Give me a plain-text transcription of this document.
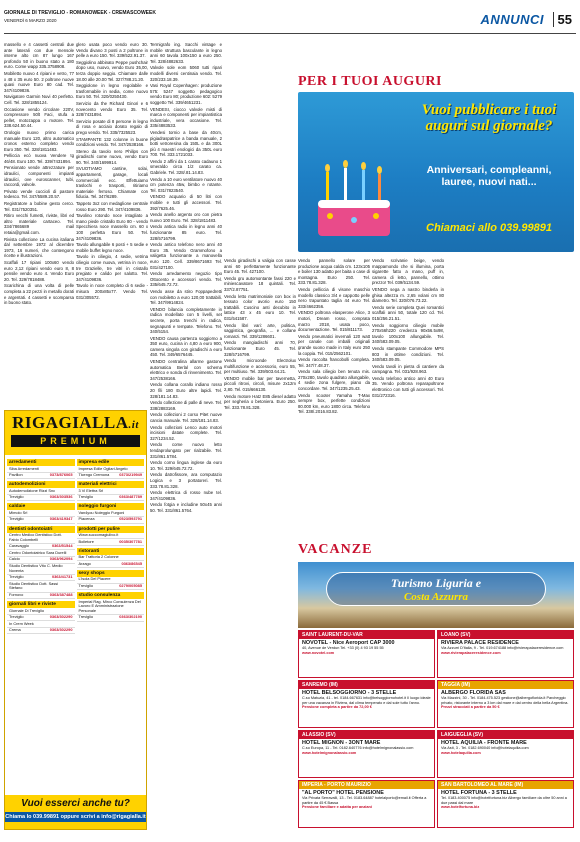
GIORNALE DI TREVIGLIO - ROMANOWEEK - CREMASCOWEEK
VENERDÌ 6 MARZO 2020	ANNUNCI	55

massello e 4 cassetti centrali due ante laterali con due mensole interne alto cm 87 lungo 167 profondo 50 in buono stato a 180 euro. Come wapp 335.3758908.

Mobiletto nuovo 4 ripiani e vetro, 77 x 48 x 35 euro 50. 2 poltrone nuove quasi nuove Euro 80 cad. Tel. 347/4109836.

Navigatore Garmin Nuvi 40 perfetto. Cell. Tel. 328/1855124.

Occasione vendo circolare 220V, compressore 50lt Faci, stufa a pellet, motozappa o motore. Tel. 338.624.50.44.

Orologio nuovo primo carica manuale Euro 120, altro automatico cronos esterno completo vendo Euro 350. Tel. 328/1811483.

Pelliccia ecò nuova Vendere tg 46/48. Euro 100. Tel. 339/7431894.

Pensionato vende attrezzature per idraulici, componenti impianti idraulici, ove euroscanner, tubi, raccordi, valvole.

Privato vende cuccioli di pastore tedesco. Tel. 347/5589.20.57.

Registratore a bobine gesto cerco. Tel. 031/7520351.

Ritiro vecchi fumetti, riviste, libri ed altro materiale cartaceo. Tel. 334/7865689 mail retaia@gmail.com.

Rivista collezione La cucina italiana dal settembre 1972 al dicembre 1973, 16 numeri, che contengono ricette e illustrazioni.

Scaffali 17 ripiani 100x60 vendo euro 2,12 ripiani vendo euro 8, 8 pensile vendo euro 4. Vendo Euro 20. Tel. 329/7818488.

Scarichina di una volta di pelle completa a 22 pezzi in metallo dorati e argentati. 4 cassetti e scomparsa in buono stato.

glero usata poco vendo euro 30. Vendo divano 3 posti a 2 poltrone in pelle a euro 150. Tel. 339/522.91.37.

Seggiolino abbinato Peppe pushchair dopo uso, nuovo, vendo Euro 35,00, terza doppio seggio. Chiamare dalle 18.00 alle 20.00 Tel. 327/788.21.20.

Seggiolone in legno regolabile e trasformabile in sedia, come nuovo Euro 50. Tel. 320/0250430.

Servizio da the Richard Ginori e 6 novecento vendo Euro 35. Tel. 328/7431894.

Servizio posate di 8 persone in legno di rosa e acciaio dorato regalo di prego vendo. Tel. 335/7325523.

STAMPANTE 132 colonne in buone condizioni vendo. Tel. 347/2538166.

Stereo da tavolo nero Philips con giradischi come nuovo, vendo Euro 90. Tel. 340/1699914.

SVUOTIAMO cantine, solai, appartamenti, garage, locali commerciali ecc. Effettuiamo traslochi e trasporti, ritiriamo materiale ferroso. Chiamate con fiducia. Tel. 347/6289.

Tappeto 3x2 con medaglione centrale rosso Euro 290. Tel. 347/4109836.

Tavolino rotondo noce intagliato a mano piede cristallo Euro 80 - vendo Specchiera noce massello cm. 60 x 100 perfetta Euro 50. Tel. 347/4109836.

Tavolo allungabile 6 posti + 5 sedie e mobile buffet legno noce.

Tavolo in ciliegio, 4 sedie, vetrina ciliegio come nuova, vetrina in noce, tre Grazielle, tre vitri in cristallo pregiato e calido per salotto. Tel. 347/4109836.

Tavolo in noce completo di 6 sedie - misura 200x85x77. Vendo Tel. 031/305572.

Termigrafo ing. Sacchi vintage e mobile struttura basculante in legno anni 60 tavola 100x150 a euro 250. Tel. 328/4882633.

Valvole sole eom 5060 tutti ripari modelli diversi centinaia vendo. Tel. 320/233.18.39.

Vasi Royal Copenhagen: produzione 575: 5247 soggetto pedagogico vendo Euro 80; produzione 602: 5279 soggetto Tel. 339/4651231.

VENDESI, ciocco valvole misti di marca e componenti per impiantistica industriale, vera occasione. Tel. 335/4883533.

Vendesi tornio a base da 40cm, pigiadraspatrice a banda manuale, 2 botti vetroresina da 150L e da 300L più 4 maestri enologici da 350L euro 700. Tel. 333.1721033.

Vendo 2 affini da 1 carato cadauno 1 smeraldo circa 1/2 carato ca. Gabriele. Tel. 328/.81.14.83.

Vendo a 10 euro ventilatore nuovo 40 cm potenza 45w, bimbo e rotante. Tel. 031/7823540.

VENDO acquario di 50 litri con mobile e tutti gli accessori. Tel. 392/7625.46.

Vendo anello argento oro con pietra nuovo 100 Euro. Tel. 328/1811483.

Vendo antica radio in legno anni 40 funzionante 85 euro. Tel. 328/5716799.

Vendo antico telefono nero anni 40 Euro 35. Vendo Grammofono a valigetta funzionante a manovella euro 120. Cell. 339/8671693 Tel. 031/427100.

Vendo arredamento negozio tipo Ottocento e accessori vendo. Tel. 335/645.72.72.

Vendo asse da stiro Foppapedretti con mobiletto a euro 120,00 trattabili. Tel. 347/9914824.

VENDO bilancia completamente in radica modellato con 5 livelli, set secrete, porta trenchi in radica, segnapunti e tempate. Telefono. Tel. 340/5154.

VENDO causa partenza soggiorno a 350 euro, cucina in 4,80 a euro 900, camera singola con giradischi a euro 450. Tel. 349/6576445.

VENDO centralina allarme gastone automatica Berlal con schema elettrico e sonda di rinvenimento. Tel. 347/2538166.

Vendo collana corallo indiano rosso 20 fili 180 Euro altre lapidi. Tel. 328/181.14.83.

Vendo collezione di palle di neve. Tel. 338/2883169.

Vendo collezioni 2 corso Pitet nuove cancia manuale. Tel. 328/181.14.83.

Vendo collezioni Lenco auto motori incisioni datate complete. Tel. 327/1234.52.

Vendo come nuovo letto tendaprolungato per rialzabile. Tel. 331/861.5784.

Vendo corno lingua inglese da euro 10. Tel. 329/645.72.72.

Vendo datrofissore, ara computazio Logica e 3 portatoreri. Tel. 333.78.81.328.

Vendo elettrica di rosso nube tel. 347/4109836.

Vendo fotgia e includine 50x45 anni 50. Tel. 331/861.5764.

Vendo giradischi a valigia con casse anni 60 perfettamente funzionante Euro 45. Tel. 427100.

Vendo gru automontante fassi 220 e miniescavatore 18 quintali. Tel. 337/2.87751.

Vendo letto matrimoniale con box in tessuto color avorio euro 150 trattabili. Cuscino anti decubito in lattice 43 x 45 euro 10. Tel. 031/541587.

Vendo libri vari: arte, politica, saggistica, geografia, ... e collane romanzi. Tel. 339/1286601.

Vendo mangiadischi anni 70, funzionante Euro 45. Tel. 328/5716799.

Vendo microonde Electrolux multifunzione e accessorio, euro 55, per multiuso. Tel. 339/503.64.21.

VENDO mobile bar per tavernetta, piccoli ritrovi, circoli, misure 2x12m 2,80. Tel. 015/666130.

Vendo motore Hatz E85 diesel adatto per segheria o betoniera. Euro 250. Tel. 333.78.81.328.

Vendo pannello solare per produzione acqua calda cm. 123x105 e boiler 130 adatto per baita o case di montagna. Euro 250. Tel. 333.78.81.328.

Vendo pelliccia di visone maschio modello classico 3/4 e cappotto pelle nero trapuntato taglia 44 euro Tel. 333/4662356.

VENDO poltrona elasperone Alice, 3 motori, Dream rosso, comprata marzo 2018, usata poco, documentazione. Tel. 015/811173.

Vendo pneumatici invernali 120 watt per canale con imballi originali grande suono made in Italy euro 250 la coppia. Tel. 015/2562101.

Vendo raccolta francobolli completa. Tel. 347/7.48.37.

Vendo sala ciliegio ben tenuta mis. 270x280, tavolo quadrato allungabile, 4 sedie zona fulgere, piano da concordare. Tel. 347/1235.25.43.

Vendo scooter Yamaha T-Max sempre box, perfette condizioni 80.000 km, euro 1800 circa. Telefono Tel. 338/.2016.83.82.

Vendo scrivanie beige, vendo mappamondo che si illumina, porta sigarette fatto a mano, puff in, camera di letto, pannello, ottimo prezzo! Tel. 039/5134.59.

VENDO sega a nastro binderla in ghisa altezza m. 2,65 volani cm 80 diametro. Tel. 320/076.73.22.

Vendo serie completa Quei romantici scaffali anni 50, totale 120 cd. Tel. 015/256.21.51.

Vendo soggiorno ciliegio mobile 270x56h220 credenza 90x56.5x98, tavolo 100x100 allungabile. Tel. 340/583.09.05.

Vendo stampante Commodore MPS 803 in ottime condizioni. Tel. 340/583.09.05.

Vendo tavoli in pietra di cantiere da campagna. Tel. 031/928.963.

Vendo telefono antico anni 40 Euro 35. Vendo poltrona reparapoltrone elettronico con tutti gli accessori. Tel. 031/272316.

PER I TUOI AUGURI
Vuoi pubblicare i tuoi auguri sul giornale?
Anniversari, compleanni, lauree, nuovi nati...
Chiamaci allo 039.99891
RIGAGIALLA.it
PREMIUM
arredamenti
Siba Arredamenti
Pavillon	0373/876065
autodemolizioni
Autodemolizione Rizzi Snc
Treviglio	0363/303536
caldaie
Mimolo Srl
Treviglio	0363/419347
dentisti odontoiatri
Centro Medico Dentistico Dott. Fabio Colombelli
Caravaggio	0363/51544
Centro Odontoiatrico Sara Durelli
Calcio	0363/962094
Studio Dentistico Vito C. Medio Noventa
Treviglio	0363/41731
Studio Dentistico Dott. Sassi Stefano
Fornovo	0363/387488
giornali libri e riviste
Giornale Di Treviglio
Treviglio	0363/302290
In Crem Week
Crema	0363/302290
impresa edile
Impresa Edile Ogliari Angelo
Ticengo Cremona	0373/219949
materiali elettrici
3 Vi Elettra Srl
Treviglio	0363/487789
noleggio furgoni
Van4you Noleggio Furgoni
Piacenza	0523/593791
prodotti per pulire
Www.succomagiulivo.it
Bolletore	0035/307781
ristoranti
Bar Trattoria 2 Colonne
Arzago	0363/86545
sexy shops
L'isola Del Piacere
Treviglio	0279/005085
studio consulenza
Imperial Rag. Mirco Consulenza Del Lavoro E Amministrazione Personale
Treviglio	0363/302190
Vuoi esserci anche tu?
Chiama lo 039.99891 oppure scrivi a info@rigagialla.it
VACANZE
Turismo Liguria e
Costa Azzurra
SAINT LAURENT-DU-VAR
NOVOTEL - Nice Aeroport CAP 3000
40, Avenue de Verdun Tel. +33 (0) 4 93 19 55 55
www.novotel.com
LOANO (SV)
RIVIERA PALACE RESIDENCE
Via Azzurri D'Italia, 9 - Tel. 019.674188 info@rivierapalaceresidence.com
www.rivierapalaceresidence.com
SANREMO (IM)
HOTEL BELSOGGIORNO - 3 STELLE
C.so Matuzia, 41 - tel. 0184.667631 info@belsoggiornohotel.it Il luogo ideale per una vacanza in Riviera, dal clima temperato e dal sole tutto l'anno.
Pensione completa a partire da 72,00 €
TAGGIA (IM)
ALBERGO FLORIDA SAS
Via Mazzini, 30 - Tel. 0184.475.523 gestione@albergoflorida.it Parcheggio privato, ristorante interno a 3 km dal mare e dal centro della bella Argentina.
Prezzi stracciati a partire da 50 €
ALASSIO (SV)
HOTEL MIGNON - 3ONT MARE
C.so Europa, 11 - Tel. 0182.640776 info@hotelmignonalassio.com
www.hotelmignonalassio.com
LAIGUEGLIA (SV)
HOTEL AQUILIA - FRONTE MARE
Via Asti, 3 - Tel. 0182.690040 info@hotelaquilia.com
www.hotelaquilia.com
IMPERIA - PORTO MAURIZIO
"AL PORTO" HOTEL PENSIONE
Via Privata Serravalli, 13 - Tel. 0183.64887 hotelalporto@email.it Offerta a partire da 45 € Bassa
Pensione familiare e adatta per anziani
SAN BARTOLOMEO AL MARE (IM)
HOTEL FORTUNA - 3 STELLE
Tel. 0183.400075 info@hotelfortuna.biz Albergo familiare da oltre 50 anni a due passi dal mare
www.hotelfortuna.biz
